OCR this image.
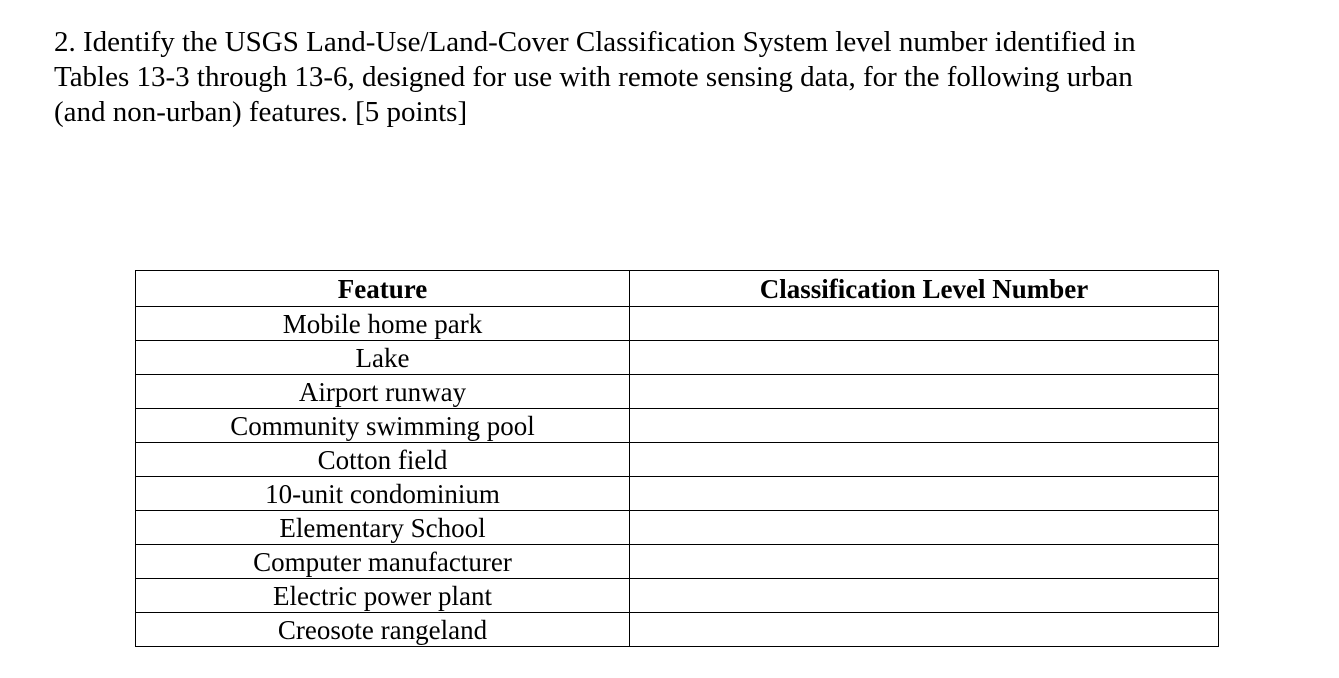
2. Identify the USGS Land-Use/Land-Cover Classification System level number identified in
Tables 13-3 through 13-6, designed for use with remote sensing data, for the following urban
(and non-urban) features. [5 points]

Feature	Classification Level Number
Mobile home park	
Lake	
Airport runway	
Community swimming pool	
Cotton field	
10-unit condominium	
Elementary School	
Computer manufacturer	
Electric power plant	
Creosote rangeland	
